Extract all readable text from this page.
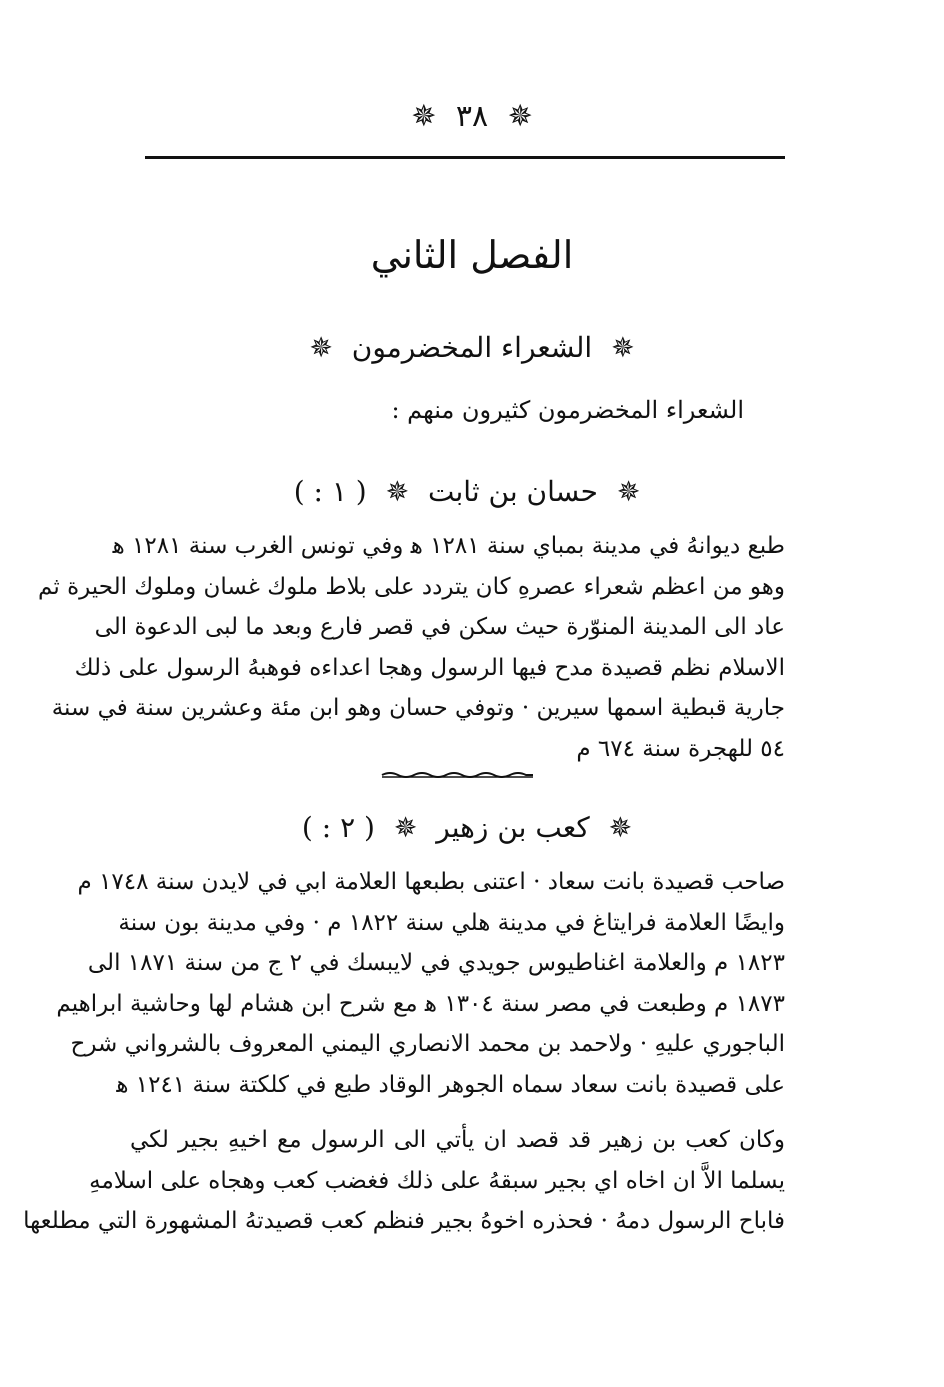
✵ ٣٨ ✵
الفصل الثاني
✵ الشعراء المخضرمون ✵
الشعراء المخضرمون كثيرون منهم :
✵ حسان بن ثابت ✵ ( ١ : )
طبع ديوانهُ في مدينة بمباي سنة ١٢٨١ ﻫ وفي تونس الغرب سنة ١٢٨١ ﻫ
وهو من اعظم شعراء عصرهِ كان يتردد على بلاط ملوك غسان وملوك الحيرة ثم
عاد الى المدينة المنوّرة حيث سكن في قصر فارع وبعد ما لبى الدعوة الى
الاسلام نظم قصيدة مدح فيها الرسول وهجا اعداءه فوهبهُ الرسول على ذلك
جارية قبطية اسمها سيرين · وتوفي حسان وهو ابن مئة وعشرين سنة في سنة
٥٤ للهجرة سنة ٦٧٤ م
✵ كعب بن زهير ✵ ( ٢ : )
صاحب قصيدة بانت سعاد · اعتنى بطبعها العلامة ابي في لايدن سنة ١٧٤٨ م
وايضًا العلامة فرايتاغ في مدينة هلي سنة ١٨٢٢ م · وفي مدينة بون سنة
١٨٢٣ م والعلامة اغناطيوس جويدي في لايبسك في ٢ ج من سنة ١٨٧١ الى
١٨٧٣ م وطبعت في مصر سنة ١٣٠٤ ﻫ مع شرح ابن هشام لها وحاشية ابراهيم
الباجوري عليهِ · ولاحمد بن محمد الانصاري اليمني المعروف بالشرواني شرح
على قصيدة بانت سعاد سماه الجوهر الوقاد طبع في كلكتة سنة ١٢٤١ ﻫ
وكان كعب بن زهير قد قصد ان يأتي الى الرسول مع اخيهِ بجير لكي
يسلما الاَّ ان اخاه اي بجير سبقهُ على ذلك فغضب كعب وهجاه على اسلامهِ
فاباح الرسول دمهُ · فحذره اخوهُ بجير فنظم كعب قصيدتهُ المشهورة التي مطلعها
